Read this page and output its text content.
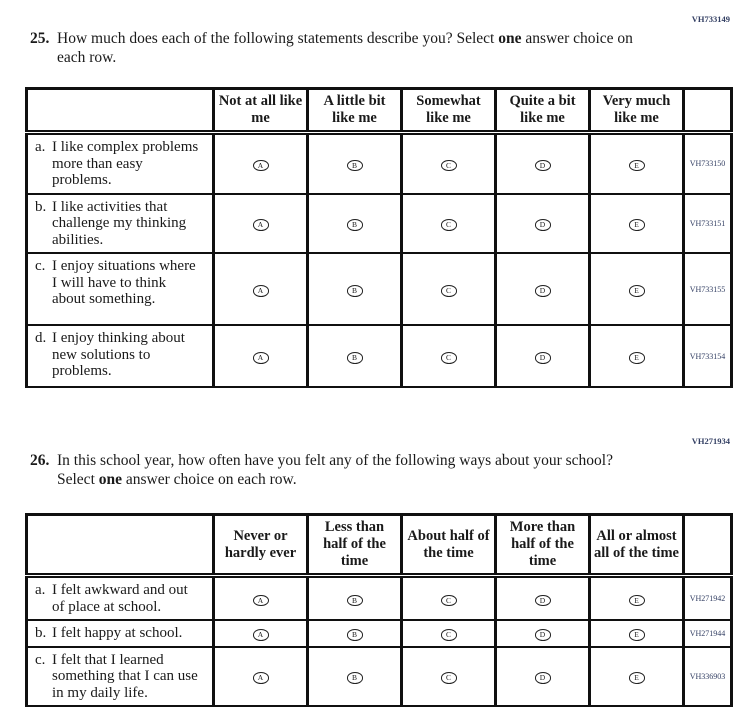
VH733149
25. How much does each of the following statements describe you? Select one answer choice on each row.
	Not at all like me	A little bit like me	Somewhat like me	Quite a bit like me	Very much like me	

a. I like complex problems more than easy problems.	A	B	C	D	E	VH733150

b. I like activities that challenge my thinking abilities.	A	B	C	D	E	VH733151

c. I enjoy situations where I will have to think about something.	A	B	C	D	E	VH733155

d. I enjoy thinking about new solutions to problems.	A	B	C	D	E	VH733154
VH271934
26. In this school year, how often have you felt any of the following ways about your school? Select one answer choice on each row.
	Never or hardly ever	Less than half of the time	About half of the time	More than half of the time	All or almost all of the time	

a. I felt awkward and out of place at school.	A	B	C	D	E	VH271942

b. I felt happy at school.	A	B	C	D	E	VH271944

c. I felt that I learned something that I can use in my daily life.	A	B	C	D	E	VH336903
